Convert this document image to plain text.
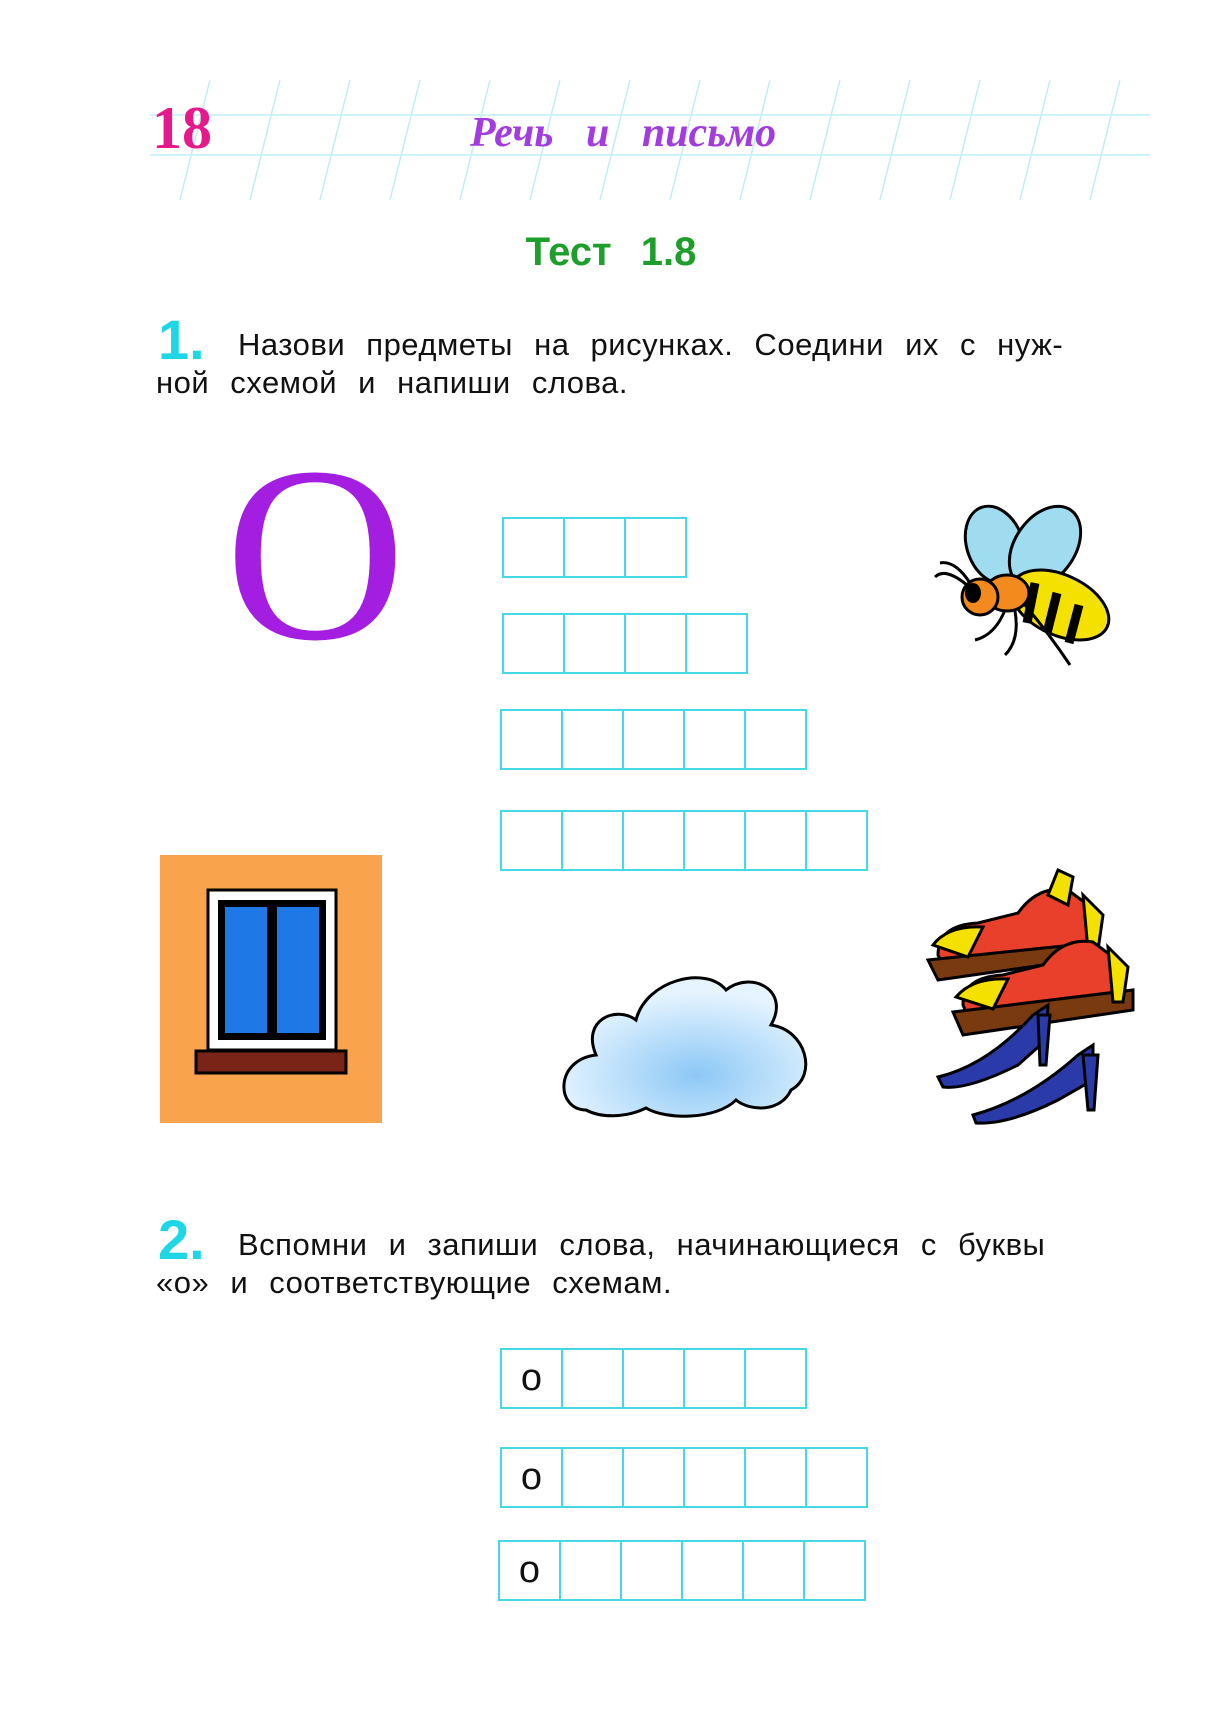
18	Речь и письмо
Тест 1.8
1. Назови предметы на рисунках. Соедини их с нуж-
ной схемой и напиши слова.
О
2. Вспомни и запиши слова, начинающиеся с буквы
«о» и соответствующие схемам.
о
о
о
